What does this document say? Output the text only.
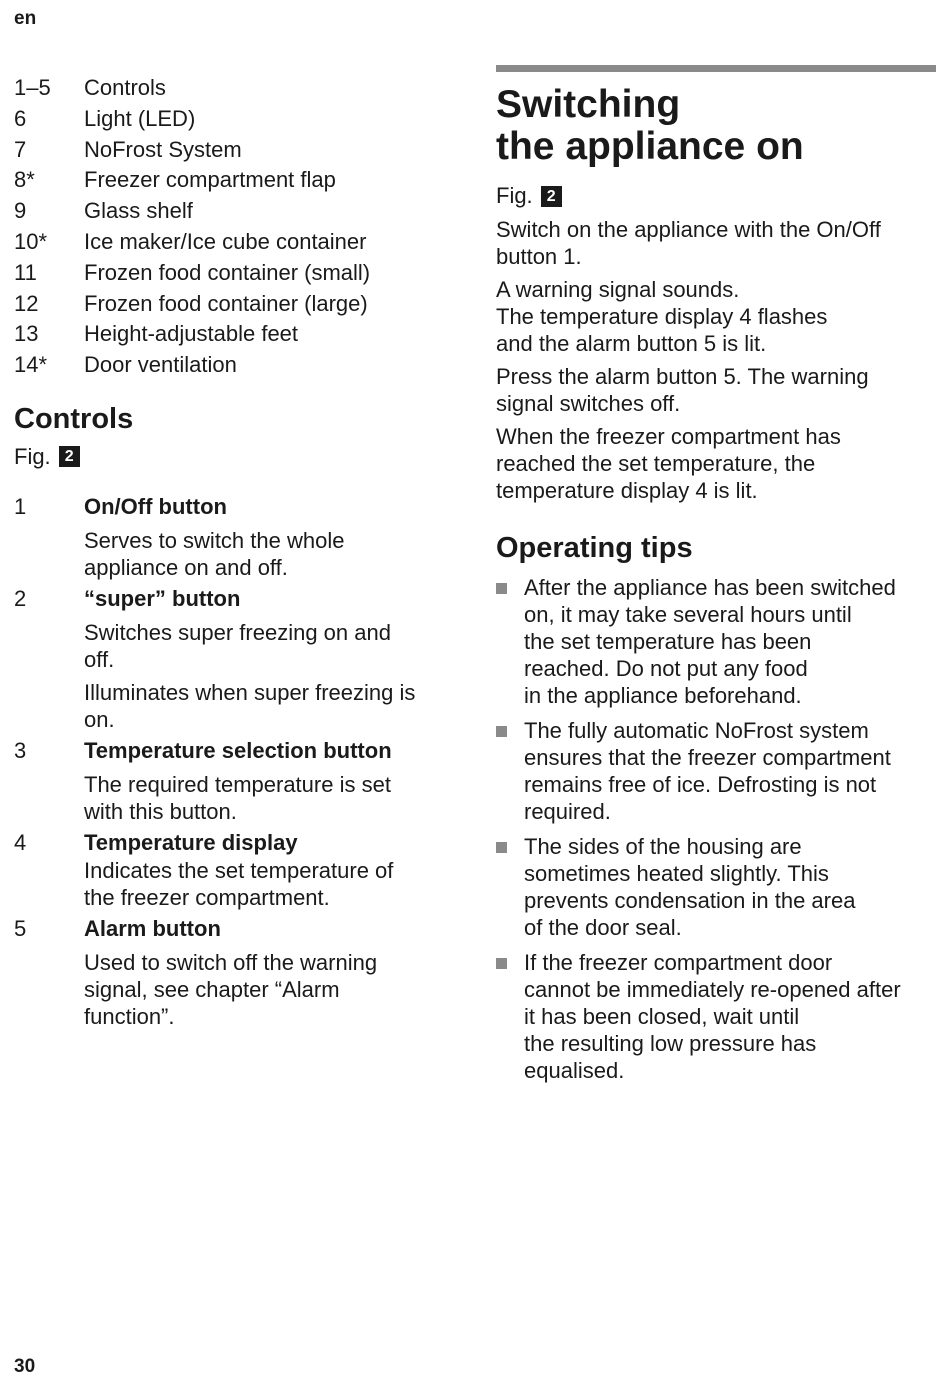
en
1–5	Controls
6	Light (LED)
7	NoFrost System
8*	Freezer compartment flap
9	Glass shelf
10*	Ice maker/Ice cube container
11	Frozen food container (small)
12	Frozen food container (large)
13	Height-adjustable feet
14*	Door ventilation
Controls
Fig. 2
1	On/Off button
Serves to switch the whole
appliance on and off.
2	“super” button
Switches super freezing on and
off.
Illuminates when super freezing is
on.
3	Temperature selection button
The required temperature is set
with this button.
4	Temperature display
Indicates the set temperature of
the freezer compartment.
5	Alarm button
Used to switch off the warning
signal, see chapter “Alarm
function”.
Switching
the appliance on
Fig. 2

Switch on the appliance with the On/Off
button 1.

A warning signal sounds.
The temperature display 4 flashes
and the alarm button 5 is lit.

Press the alarm button 5. The warning
signal switches off.

When the freezer compartment has
reached the set temperature, the
temperature display 4 is lit.

Operating tips
After the appliance has been switched
on, it may take several hours until
the set temperature has been
reached. Do not put any food
in the appliance beforehand.
The fully automatic NoFrost system
ensures that the freezer compartment
remains free of ice. Defrosting is not
required.
The sides of the housing are
sometimes heated slightly. This
prevents condensation in the area
of the door seal.
If the freezer compartment door
cannot be immediately re-opened after
it has been closed, wait until
the resulting low pressure has
equalised.
30
